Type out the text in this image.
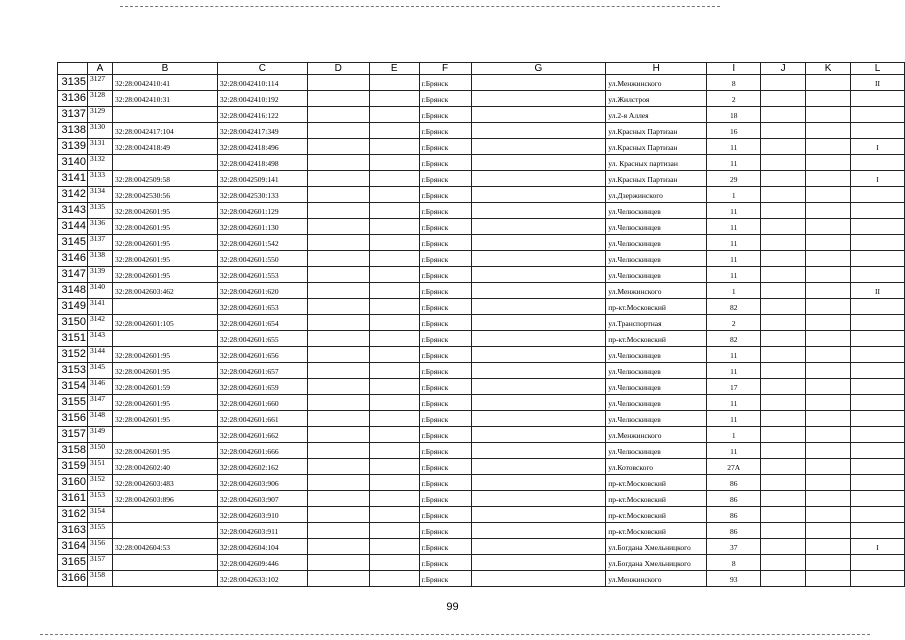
	A	B	C	D	E	F	G	H	I	J	K	L
3135	3127	32:28:0042410:41	32:28:0042410:114			г.Брянск		ул.Менжинского	8			II
3136	3128	32:28:0042410:31	32:28:0042410:192			г.Брянск		ул.Жилстроя	2			
3137	3129		32:28:0042416:122			г.Брянск		ул.2-я Аллея	18			
3138	3130	32:28:0042417:104	32:28:0042417:349			г.Брянск		ул.Красных Партизан	16			
3139	3131	32:28:0042418:49	32:28:0042418:496			г.Брянск		ул.Красных Партизан	11			I
3140	3132		32:28:0042418:498			г.Брянск		ул. Красных партизан	11			
3141	3133	32:28:0042509:58	32:28:0042509:141			г.Брянск		ул.Красных Партизан	29			I
3142	3134	32:28:0042530:56	32:28:0042530:133			г.Брянск		ул.Дзержинского	1			
3143	3135	32:28:0042601:95	32:28:0042601:129			г.Брянск		ул.Челюскинцев	11			
3144	3136	32:28:0042601:95	32:28:0042601:130			г.Брянск		ул.Челюскинцев	11			
3145	3137	32:28:0042601:95	32:28:0042601:542			г.Брянск		ул.Челюскинцев	11			
3146	3138	32:28:0042601:95	32:28:0042601:550			г.Брянск		ул.Челюскинцев	11			
3147	3139	32:28:0042601:95	32:28:0042601:553			г.Брянск		ул.Челюскинцев	11			
3148	3140	32:28:0042603:462	32:28:0042601:620			г.Брянск		ул.Менжинского	1			II
3149	3141		32:28:0042601:653			г.Брянск		пр-кт.Московский	82			
3150	3142	32:28:0042601:105	32:28:0042601:654			г.Брянск		ул.Транспортная	2			
3151	3143		32:28:0042601:655			г.Брянск		пр-кт.Московский	82			
3152	3144	32:28:0042601:95	32:28:0042601:656			г.Брянск		ул.Челюскинцев	11			
3153	3145	32:28:0042601:95	32:28:0042601:657			г.Брянск		ул.Челюскинцев	11			
3154	3146	32:28:0042601:59	32:28:0042601:659			г.Брянск		ул.Челюскинцев	17			
3155	3147	32:28:0042601:95	32:28:0042601:660			г.Брянск		ул.Челюскинцев	11			
3156	3148	32:28:0042601:95	32:28:0042601:661			г.Брянск		ул.Челюскинцев	11			
3157	3149		32:28:0042601:662			г.Брянск		ул.Менжинского	1			
3158	3150	32:28:0042601:95	32:28:0042601:666			г.Брянск		ул.Челюскинцев	11			
3159	3151	32:28:0042602:40	32:28:0042602:162			г.Брянск		ул.Котовского	27А			
3160	3152	32:28:0042603:483	32:28:0042603:906			г.Брянск		пр-кт.Московский	86			
3161	3153	32:28:0042603:896	32:28:0042603:907			г.Брянск		пр-кт.Московский	86			
3162	3154		32:28:0042603:910			г.Брянск		пр-кт.Московский	86			
3163	3155		32:28:0042603:911			г.Брянск		пр-кт.Московский	86			
3164	3156	32:28:0042604:53	32:28:0042604:104			г.Брянск		ул.Богдана Хмельницкого	37			I
3165	3157		32:28:0042609:446			г.Брянск		ул.Богдана Хмельницкого	8			
3166	3158		32:28:0042633:102			г.Брянск		ул.Менжинского	93			
99
